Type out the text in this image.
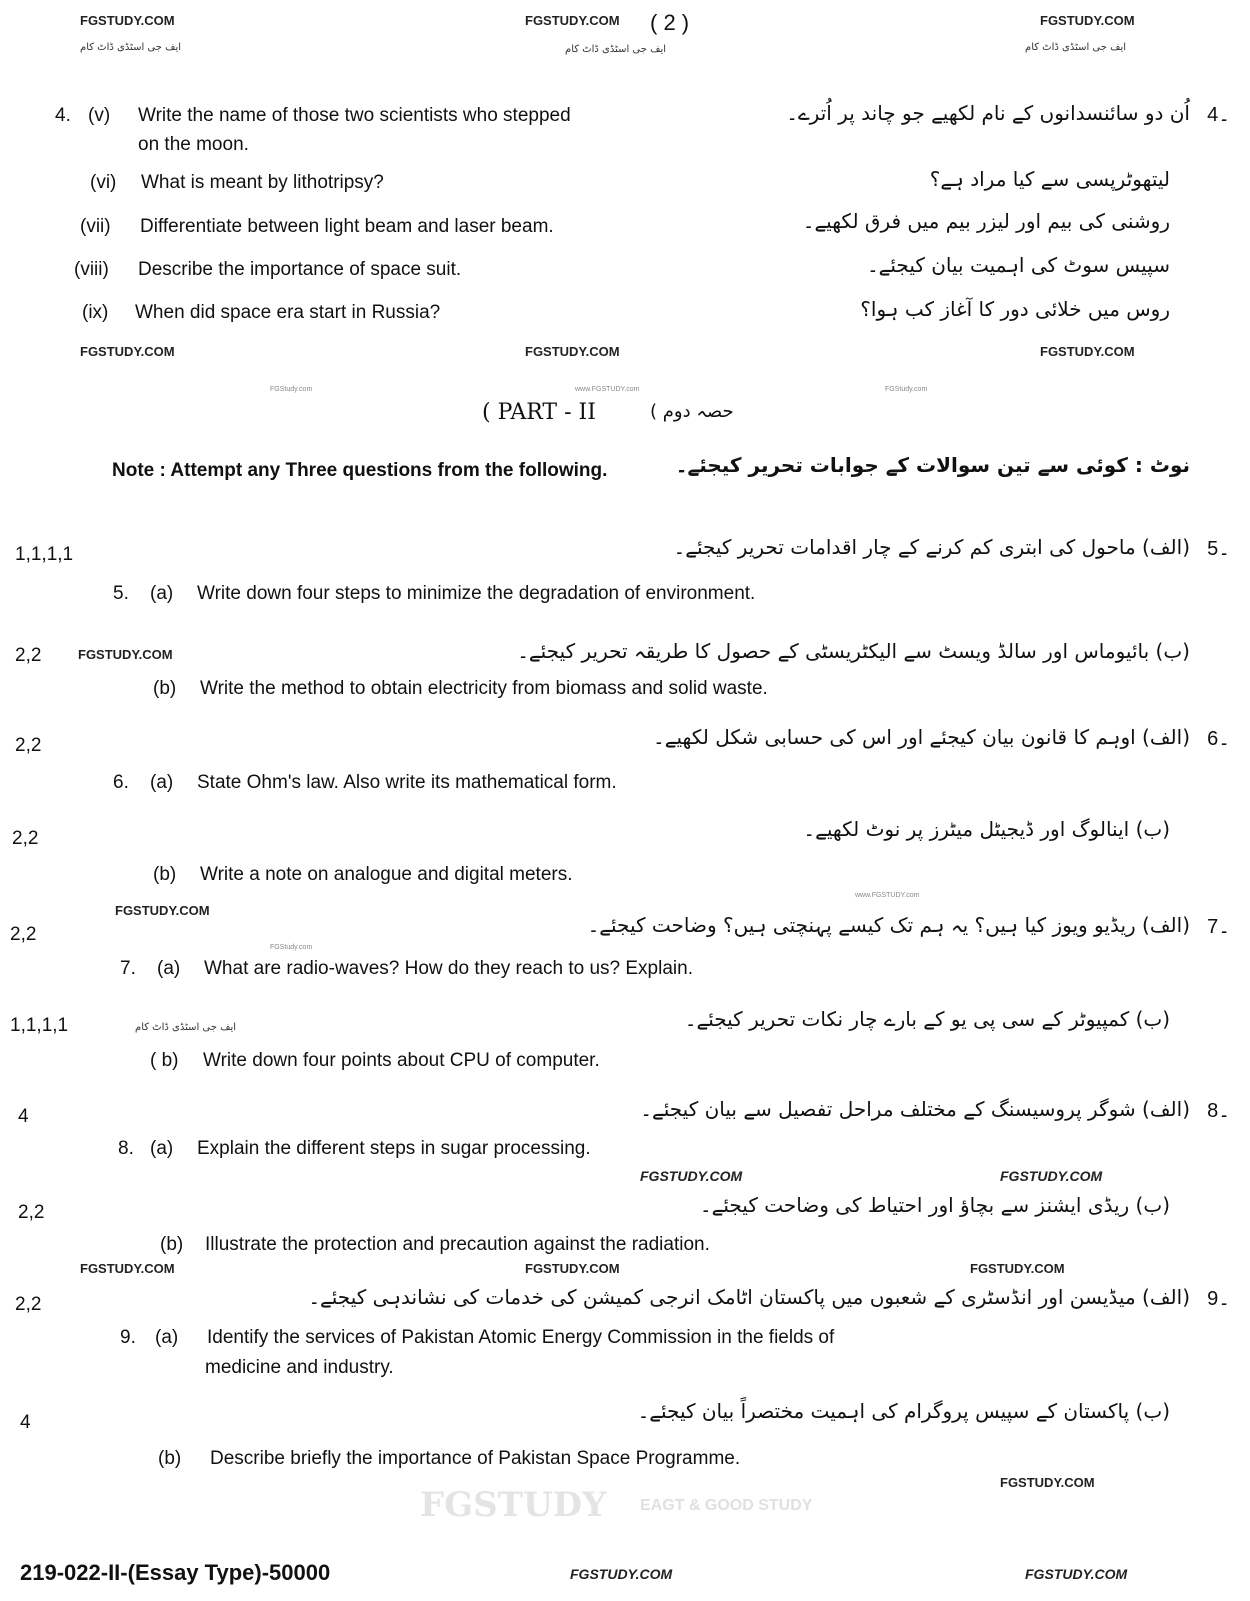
FGSTUDY EAGT & GOOD STUDY
FGSTUDY.COM
ایف جی اسٹڈی ڈاٹ کام
FGSTUDY.COM ( 2 )
ایف جی اسٹڈی ڈاٹ کام
FGSTUDY.COM
ایف جی اسٹڈی ڈاٹ کام
4. (v) Write the name of those two scientists who stepped
on the moon.
اُن دو سائنسدانوں کے نام لکھیے جو چاند پر اُترے۔ 4۔
(vi) What is meant by lithotripsy?	لیتھوٹرپسی سے کیا مراد ہے؟
(vii) Differentiate between light beam and laser beam.	روشنی کی بیم اور لیزر بیم میں فرق لکھیے۔
(viii) Describe the importance of space suit.	سپیس سوٹ کی اہمیت بیان کیجئے۔
(ix) When did space era start in Russia?	روس میں خلائی دور کا آغاز کب ہوا؟
FGSTUDY.COM	FGSTUDY.COM	FGSTUDY.COM
( PART - II	حصہ دوم )
Note : Attempt any Three questions from the following.	نوٹ : کوئی سے تین سوالات کے جوابات تحریر کیجئے۔
1,1,1,1	(الف) ماحول کی ابتری کم کرنے کے چار اقدامات تحریر کیجئے۔ 5۔
5. (a) Write down four steps to minimize the degradation of environment.
2,2	FGSTUDY.COM	(ب) بائیوماس اور سالڈ ویسٹ سے الیکٹریسٹی کے حصول کا طریقہ تحریر کیجئے۔
(b) Write the method to obtain electricity from biomass and solid waste.
2,2	(الف) اوہم کا قانون بیان کیجئے اور اس کی حسابی شکل لکھیے۔ 6۔
6. (a) State Ohm's law. Also write its mathematical form.
2,2	(ب) اینالوگ اور ڈیجیٹل میٹرز پر نوٹ لکھیے۔
(b) Write a note on analogue and digital meters.
FGSTUDY.COM
2,2	(الف) ریڈیو ویوز کیا ہیں؟ یہ ہم تک کیسے پہنچتی ہیں؟ وضاحت کیجئے۔ 7۔
7. (a) What are radio-waves? How do they reach to us? Explain.
1,1,1,1	ایف جی اسٹڈی ڈاٹ کام	(ب) کمپیوٹر کے سی پی یو کے بارے چار نکات تحریر کیجئے۔
( b) Write down four points about CPU of computer.
4	(الف) شوگر پروسیسنگ کے مختلف مراحل تفصیل سے بیان کیجئے۔ 8۔
8. (a) Explain the different steps in sugar processing.
FGSTUDY.COM	FGSTUDY.COM
2,2	(ب) ریڈی ایشنز سے بچاؤ اور احتیاط کی وضاحت کیجئے۔
(b) Illustrate the protection and precaution against the radiation.
FGSTUDY.COM	FGSTUDY.COM	FGSTUDY.COM
2,2	(الف) میڈیسن اور انڈسٹری کے شعبوں میں پاکستان اٹامک انرجی کمیشن کی خدمات کی نشاندہی کیجئے۔ 9۔
9. (a) Identify the services of Pakistan Atomic Energy Commission in the fields of
medicine and industry.
4	(ب) پاکستان کے سپیس پروگرام کی اہمیت مختصراً بیان کیجئے۔
(b) Describe briefly the importance of Pakistan Space Programme.
FGSTUDY.COM
FGStudy.com	www.FGSTUDY.com	FGStudy.com
FGStudy.com
www.FGSTUDY.com
219-022-II-(Essay Type)-50000	FGSTUDY.COM	FGSTUDY.COM
